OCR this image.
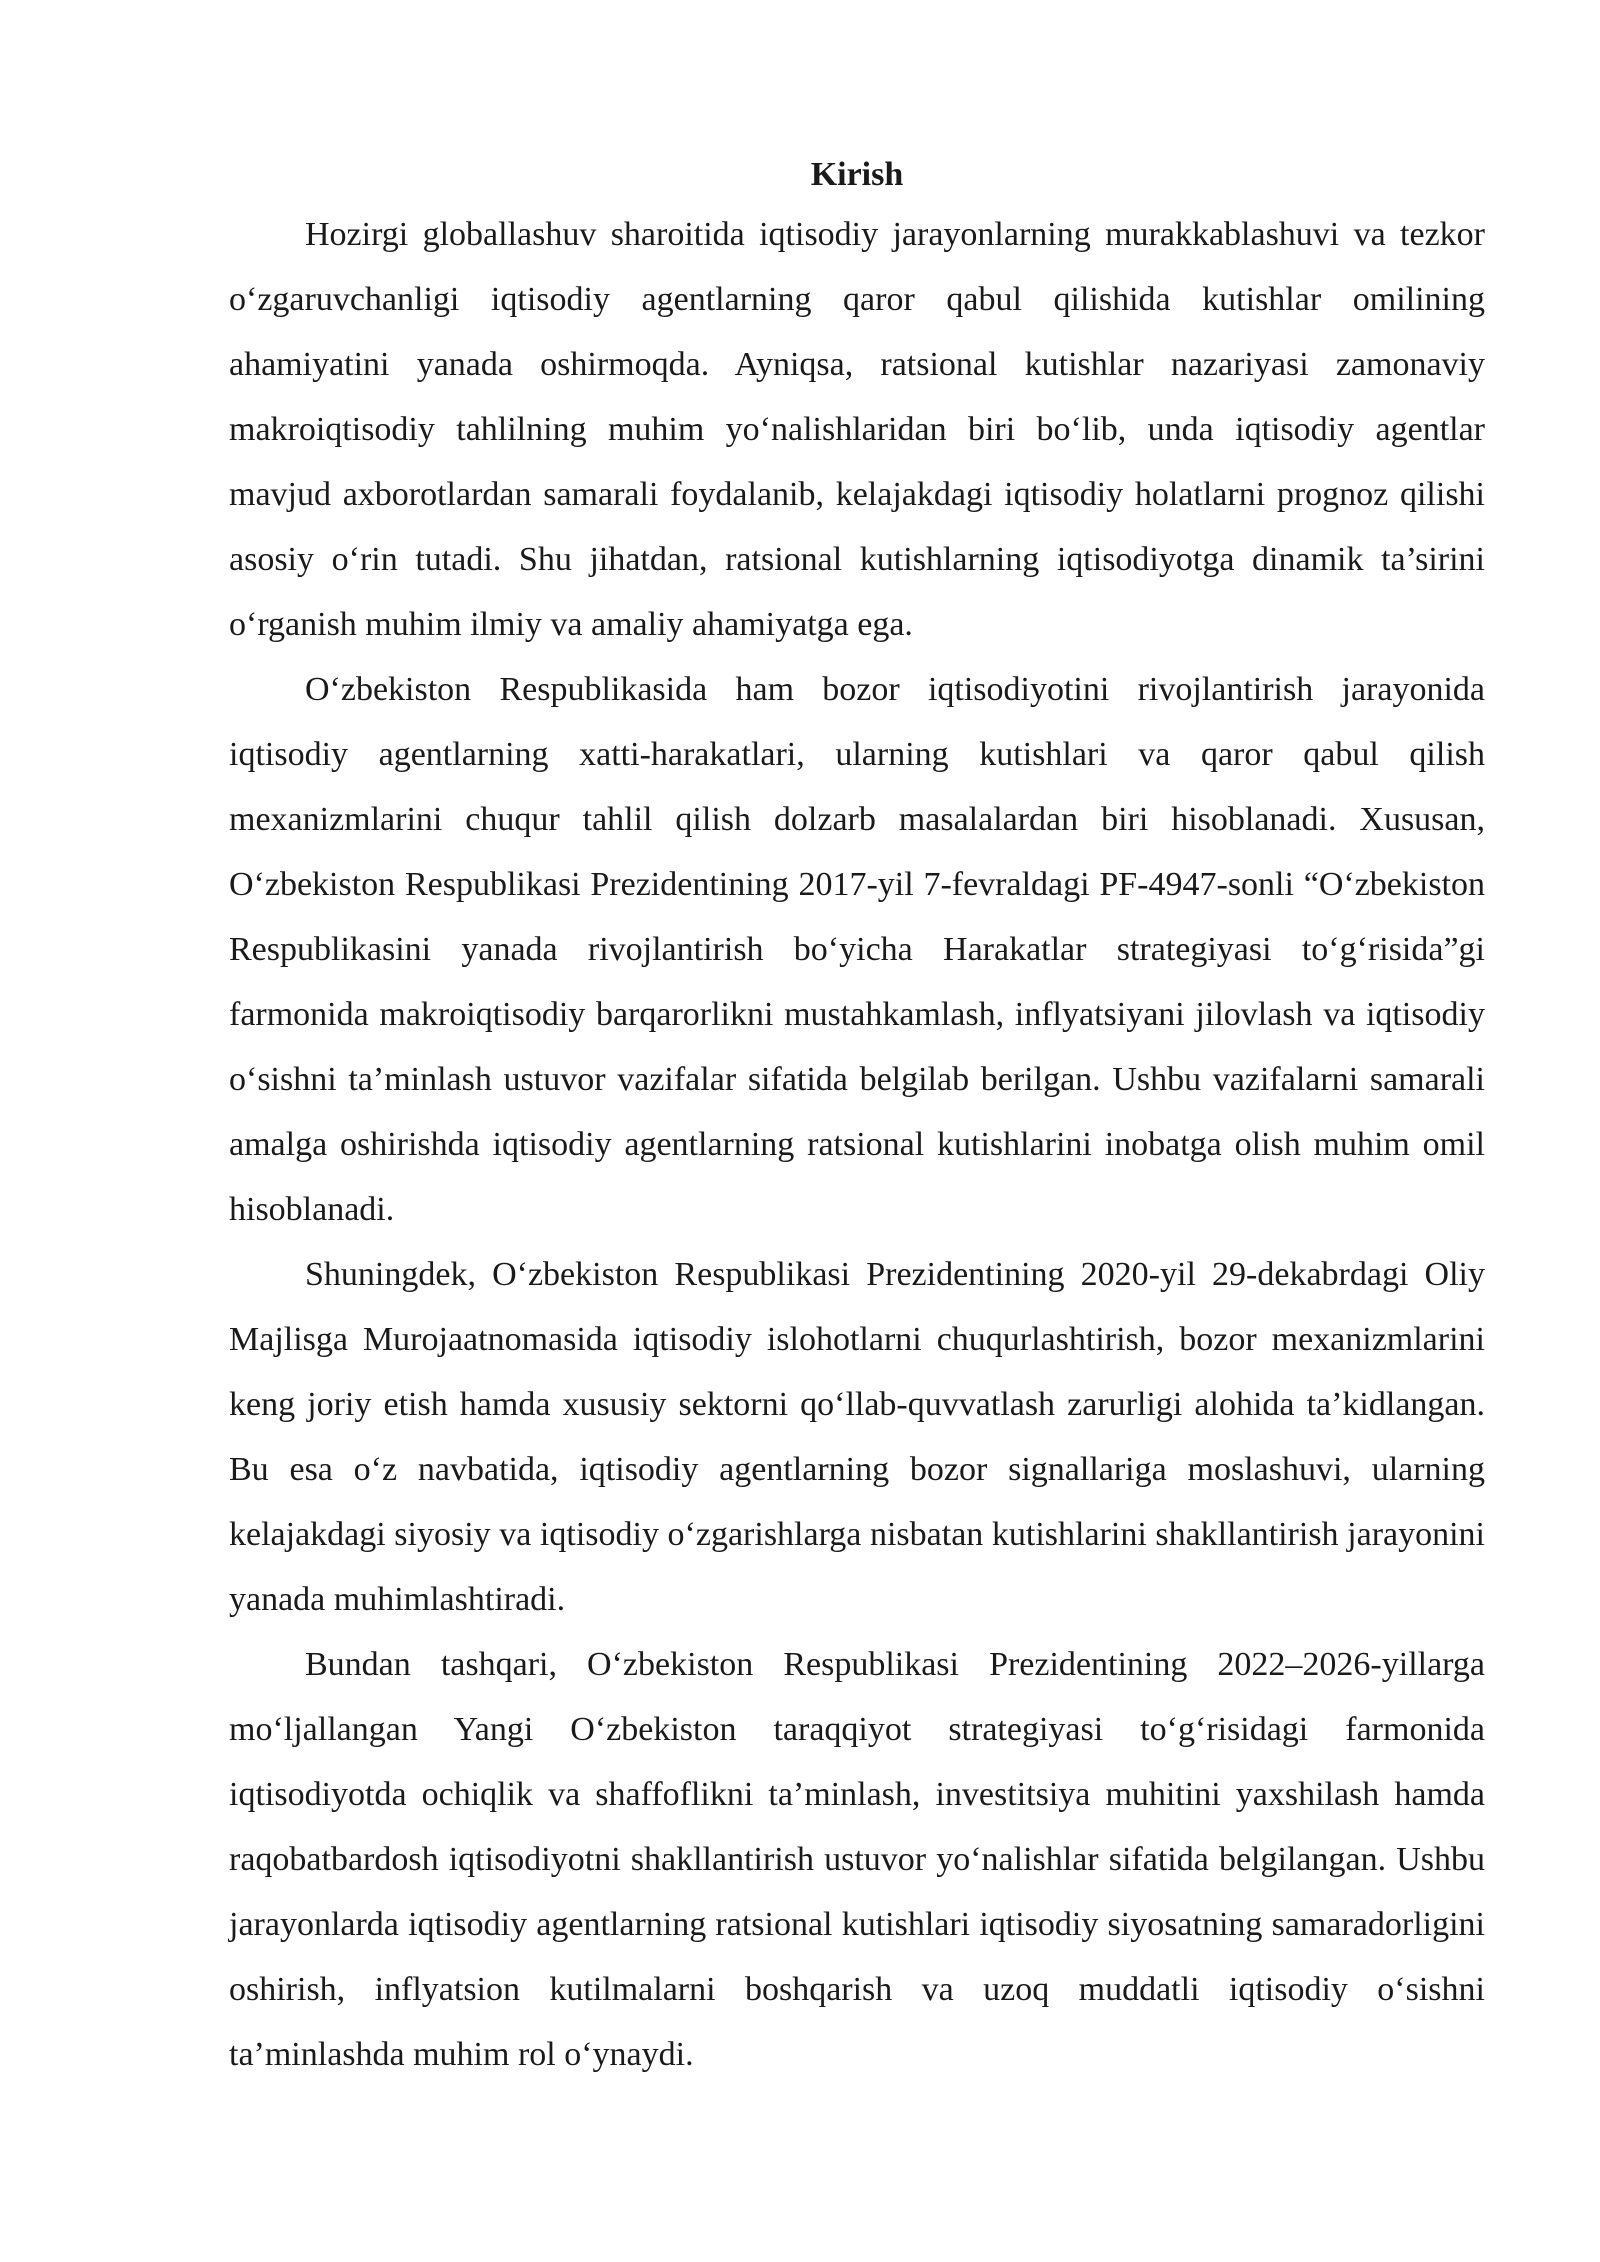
Kirish

Hozirgi globallashuv sharoitida iqtisodiy jarayonlarning murakkablashuvi va tezkor o‘zgaruvchanligi iqtisodiy agentlarning qaror qabul qilishida kutishlar omilining ahamiyatini yanada oshirmoqda. Ayniqsa, ratsional kutishlar nazariyasi zamonaviy makroiqtisodiy tahlilning muhim yo‘nalishlaridan biri bo‘lib, unda iqtisodiy agentlar mavjud axborotlardan samarali foydalanib, kelajakdagi iqtisodiy holatlarni prognoz qilishi asosiy o‘rin tutadi. Shu jihatdan, ratsional kutishlarning iqtisodiyotga dinamik ta’sirini o‘rganish muhim ilmiy va amaliy ahamiyatga ega.

O‘zbekiston Respublikasida ham bozor iqtisodiyotini rivojlantirish jarayonida iqtisodiy agentlarning xatti-harakatlari, ularning kutishlari va qaror qabul qilish mexanizmlarini chuqur tahlil qilish dolzarb masalalardan biri hisoblanadi. Xususan, O‘zbekiston Respublikasi Prezidentining 2017-yil 7-fevraldagi PF-4947-sonli “O‘zbekiston Respublikasini yanada rivojlantirish bo‘yicha Harakatlar strategiyasi to‘g‘risida”gi farmonida makroiqtisodiy barqarorlikni mustahkamlash, inflyatsiyani jilovlash va iqtisodiy o‘sishni ta’minlash ustuvor vazifalar sifatida belgilab berilgan. Ushbu vazifalarni samarali amalga oshirishda iqtisodiy agentlarning ratsional kutishlarini inobatga olish muhim omil hisoblanadi.

Shuningdek, O‘zbekiston Respublikasi Prezidentining 2020-yil 29-dekabrdagi Oliy Majlisga Murojaatnomasida iqtisodiy islohotlarni chuqurlashtirish, bozor mexanizmlarini keng joriy etish hamda xususiy sektorni qo‘llab-quvvatlash zarurligi alohida ta’kidlangan. Bu esa o‘z navbatida, iqtisodiy agentlarning bozor signallariga moslashuvi, ularning kelajakdagi siyosiy va iqtisodiy o‘zgarishlarga nisbatan kutishlarini shakllantirish jarayonini yanada muhimlashtiradi.

Bundan tashqari, O‘zbekiston Respublikasi Prezidentining 2022–2026-yillarga mo‘ljallangan Yangi O‘zbekiston taraqqiyot strategiyasi to‘g‘risidagi farmonida iqtisodiyotda ochiqlik va shaffoflikni ta’minlash, investitsiya muhitini yaxshilash hamda raqobatbardosh iqtisodiyotni shakllantirish ustuvor yo‘nalishlar sifatida belgilangan. Ushbu jarayonlarda iqtisodiy agentlarning ratsional kutishlari iqtisodiy siyosatning samaradorligini oshirish, inflyatsion kutilmalarni boshqarish va uzoq muddatli iqtisodiy o‘sishni ta’minlashda muhim rol o‘ynaydi.
